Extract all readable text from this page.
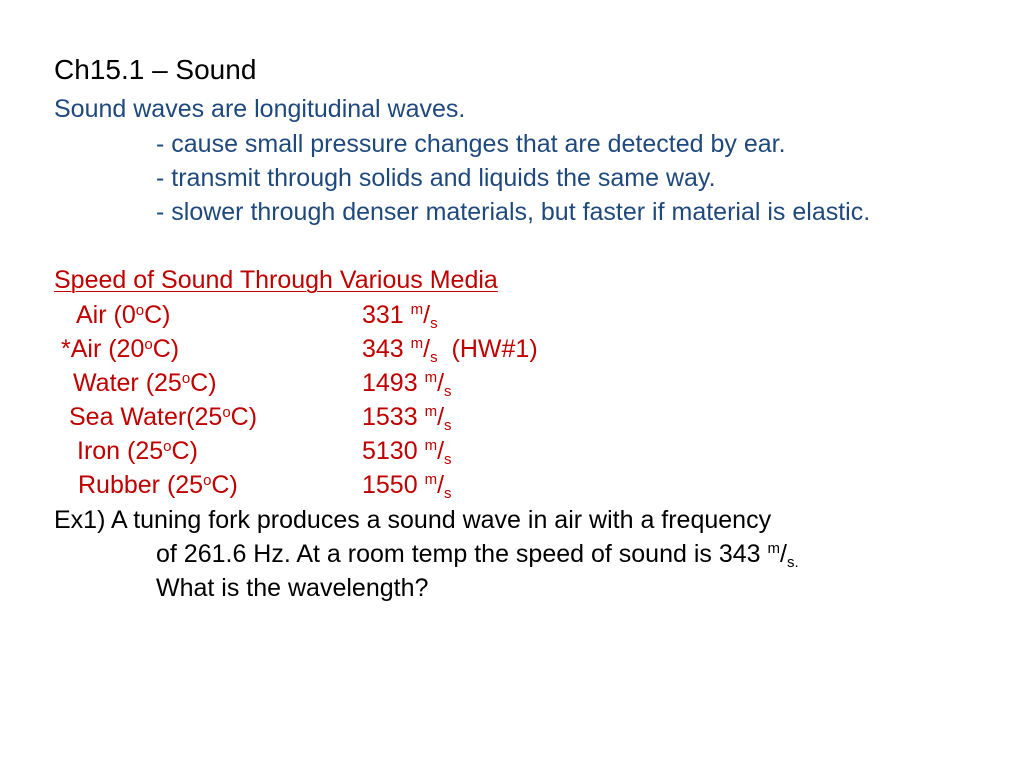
Ch15.1 – Sound
Sound waves are longitudinal waves.
- cause small pressure changes that are detected by ear.
- transmit through solids and liquids the same way.
- slower through denser materials, but faster if material is elastic.
Speed of Sound Through Various Media
Air (0$^o$C)	331 $^m/_s$
*Air (20$^o$C)	343 $^m/_s$ (HW#1)
Water (25$^o$C)	1493 $^m/_s$
Sea Water(25$^o$C)	1533 $^m/_s$
Iron (25$^o$C)	5130 $^m/_s$
Rubber (25$^o$C)	1550 $^m/_s$
Ex1) A tuning fork produces a sound wave in air with a frequency
of 261.6 Hz. At a room temp the speed of sound is 343 $^m/_{s.}$
What is the wavelength?
